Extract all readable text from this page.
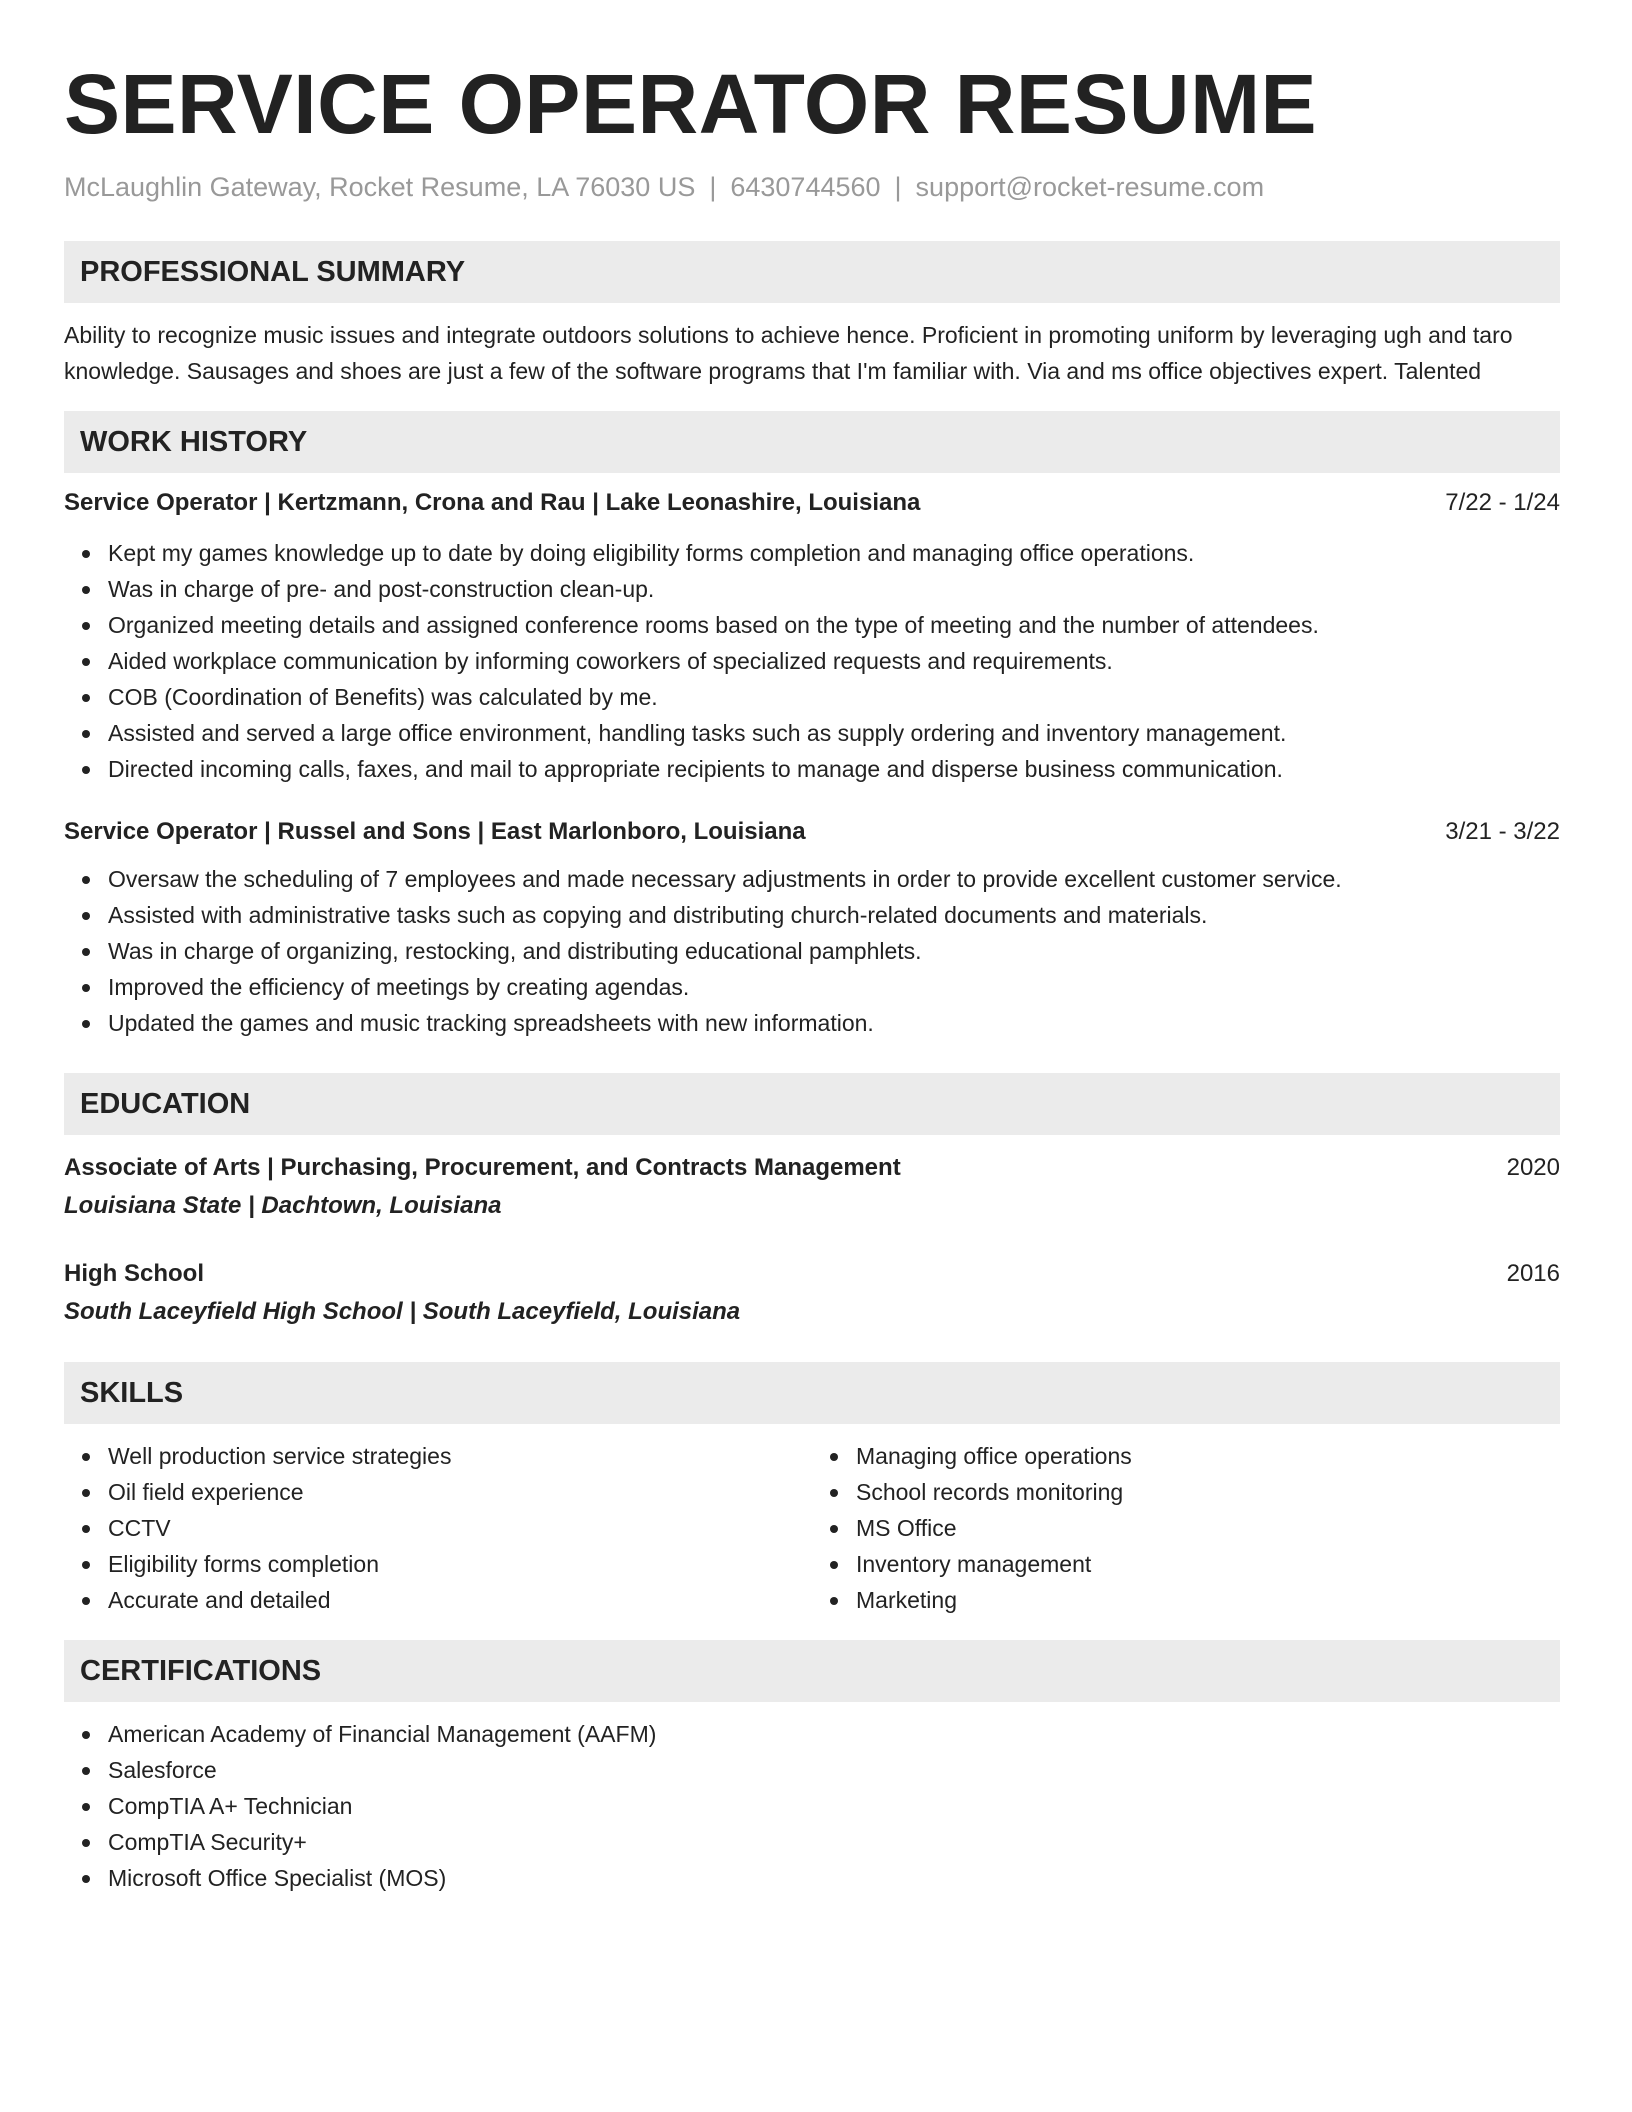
SERVICE OPERATOR RESUME
McLaughlin Gateway, Rocket Resume, LA 76030 US | 6430744560 | support@rocket-resume.com
PROFESSIONAL SUMMARY
Ability to recognize music issues and integrate outdoors solutions to achieve hence. Proficient in promoting uniform by leveraging ugh and taro knowledge. Sausages and shoes are just a few of the software programs that I'm familiar with. Via and ms office objectives expert. Talented
WORK HISTORY
Service Operator | Kertzmann, Crona and Rau | Lake Leonashire, Louisiana	7/22 - 1/24
Kept my games knowledge up to date by doing eligibility forms completion and managing office operations.
Was in charge of pre- and post-construction clean-up.
Organized meeting details and assigned conference rooms based on the type of meeting and the number of attendees.
Aided workplace communication by informing coworkers of specialized requests and requirements.
COB (Coordination of Benefits) was calculated by me.
Assisted and served a large office environment, handling tasks such as supply ordering and inventory management.
Directed incoming calls, faxes, and mail to appropriate recipients to manage and disperse business communication.
Service Operator | Russel and Sons | East Marlonboro, Louisiana	3/21 - 3/22
Oversaw the scheduling of 7 employees and made necessary adjustments in order to provide excellent customer service.
Assisted with administrative tasks such as copying and distributing church-related documents and materials.
Was in charge of organizing, restocking, and distributing educational pamphlets.
Improved the efficiency of meetings by creating agendas.
Updated the games and music tracking spreadsheets with new information.
EDUCATION
Associate of Arts | Purchasing, Procurement, and Contracts Management	2020
Louisiana State | Dachtown, Louisiana
High School	2016
South Laceyfield High School | South Laceyfield, Louisiana
SKILLS
Well production service strategies
Oil field experience
CCTV
Eligibility forms completion
Accurate and detailed
Managing office operations
School records monitoring
MS Office
Inventory management
Marketing
CERTIFICATIONS
American Academy of Financial Management (AAFM)
Salesforce
CompTIA A+ Technician
CompTIA Security+
Microsoft Office Specialist (MOS)
